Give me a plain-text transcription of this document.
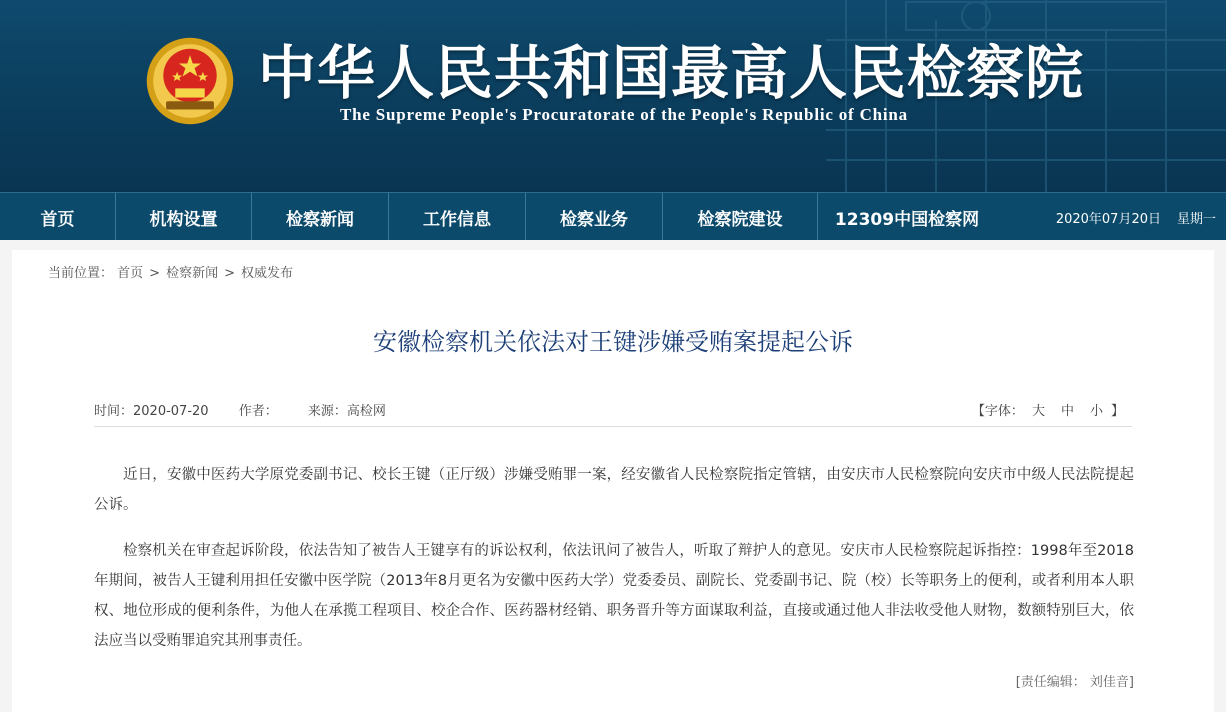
中华人民共和国最高人民检察院
The Supreme People's Procuratorate of the People's Republic of China
首页	机构设置	检察新闻	工作信息	检察业务	检察院建设	12309中国检察网	2020年07月20日 星期一
当前位置： 首页 > 检察新闻 > 权威发布
安徽检察机关依法对王键涉嫌受贿案提起公诉
时间：2020-07-20 作者： 来源：高检网	【字体： 大 中 小 】

近日，安徽中医药大学原党委副书记、校长王键（正厅级）涉嫌受贿罪一案，经安徽省人民检察院指定管辖，由安庆市人民检察院向安庆市中级人民法院提起公诉。

检察机关在审查起诉阶段，依法告知了被告人王键享有的诉讼权利，依法讯问了被告人，听取了辩护人的意见。安庆市人民检察院起诉指控：1998年至2018年期间，被告人王键利用担任安徽中医学院（2013年8月更名为安徽中医药大学）党委委员、副院长、党委副书记、院（校）长等职务上的便利，或者利用本人职权、地位形成的便利条件，为他人在承揽工程项目、校企合作、医药器材经销、职务晋升等方面谋取利益，直接或通过他人非法收受他人财物，数额特别巨大，依法应当以受贿罪追究其刑事责任。

[责任编辑： 刘佳音]
